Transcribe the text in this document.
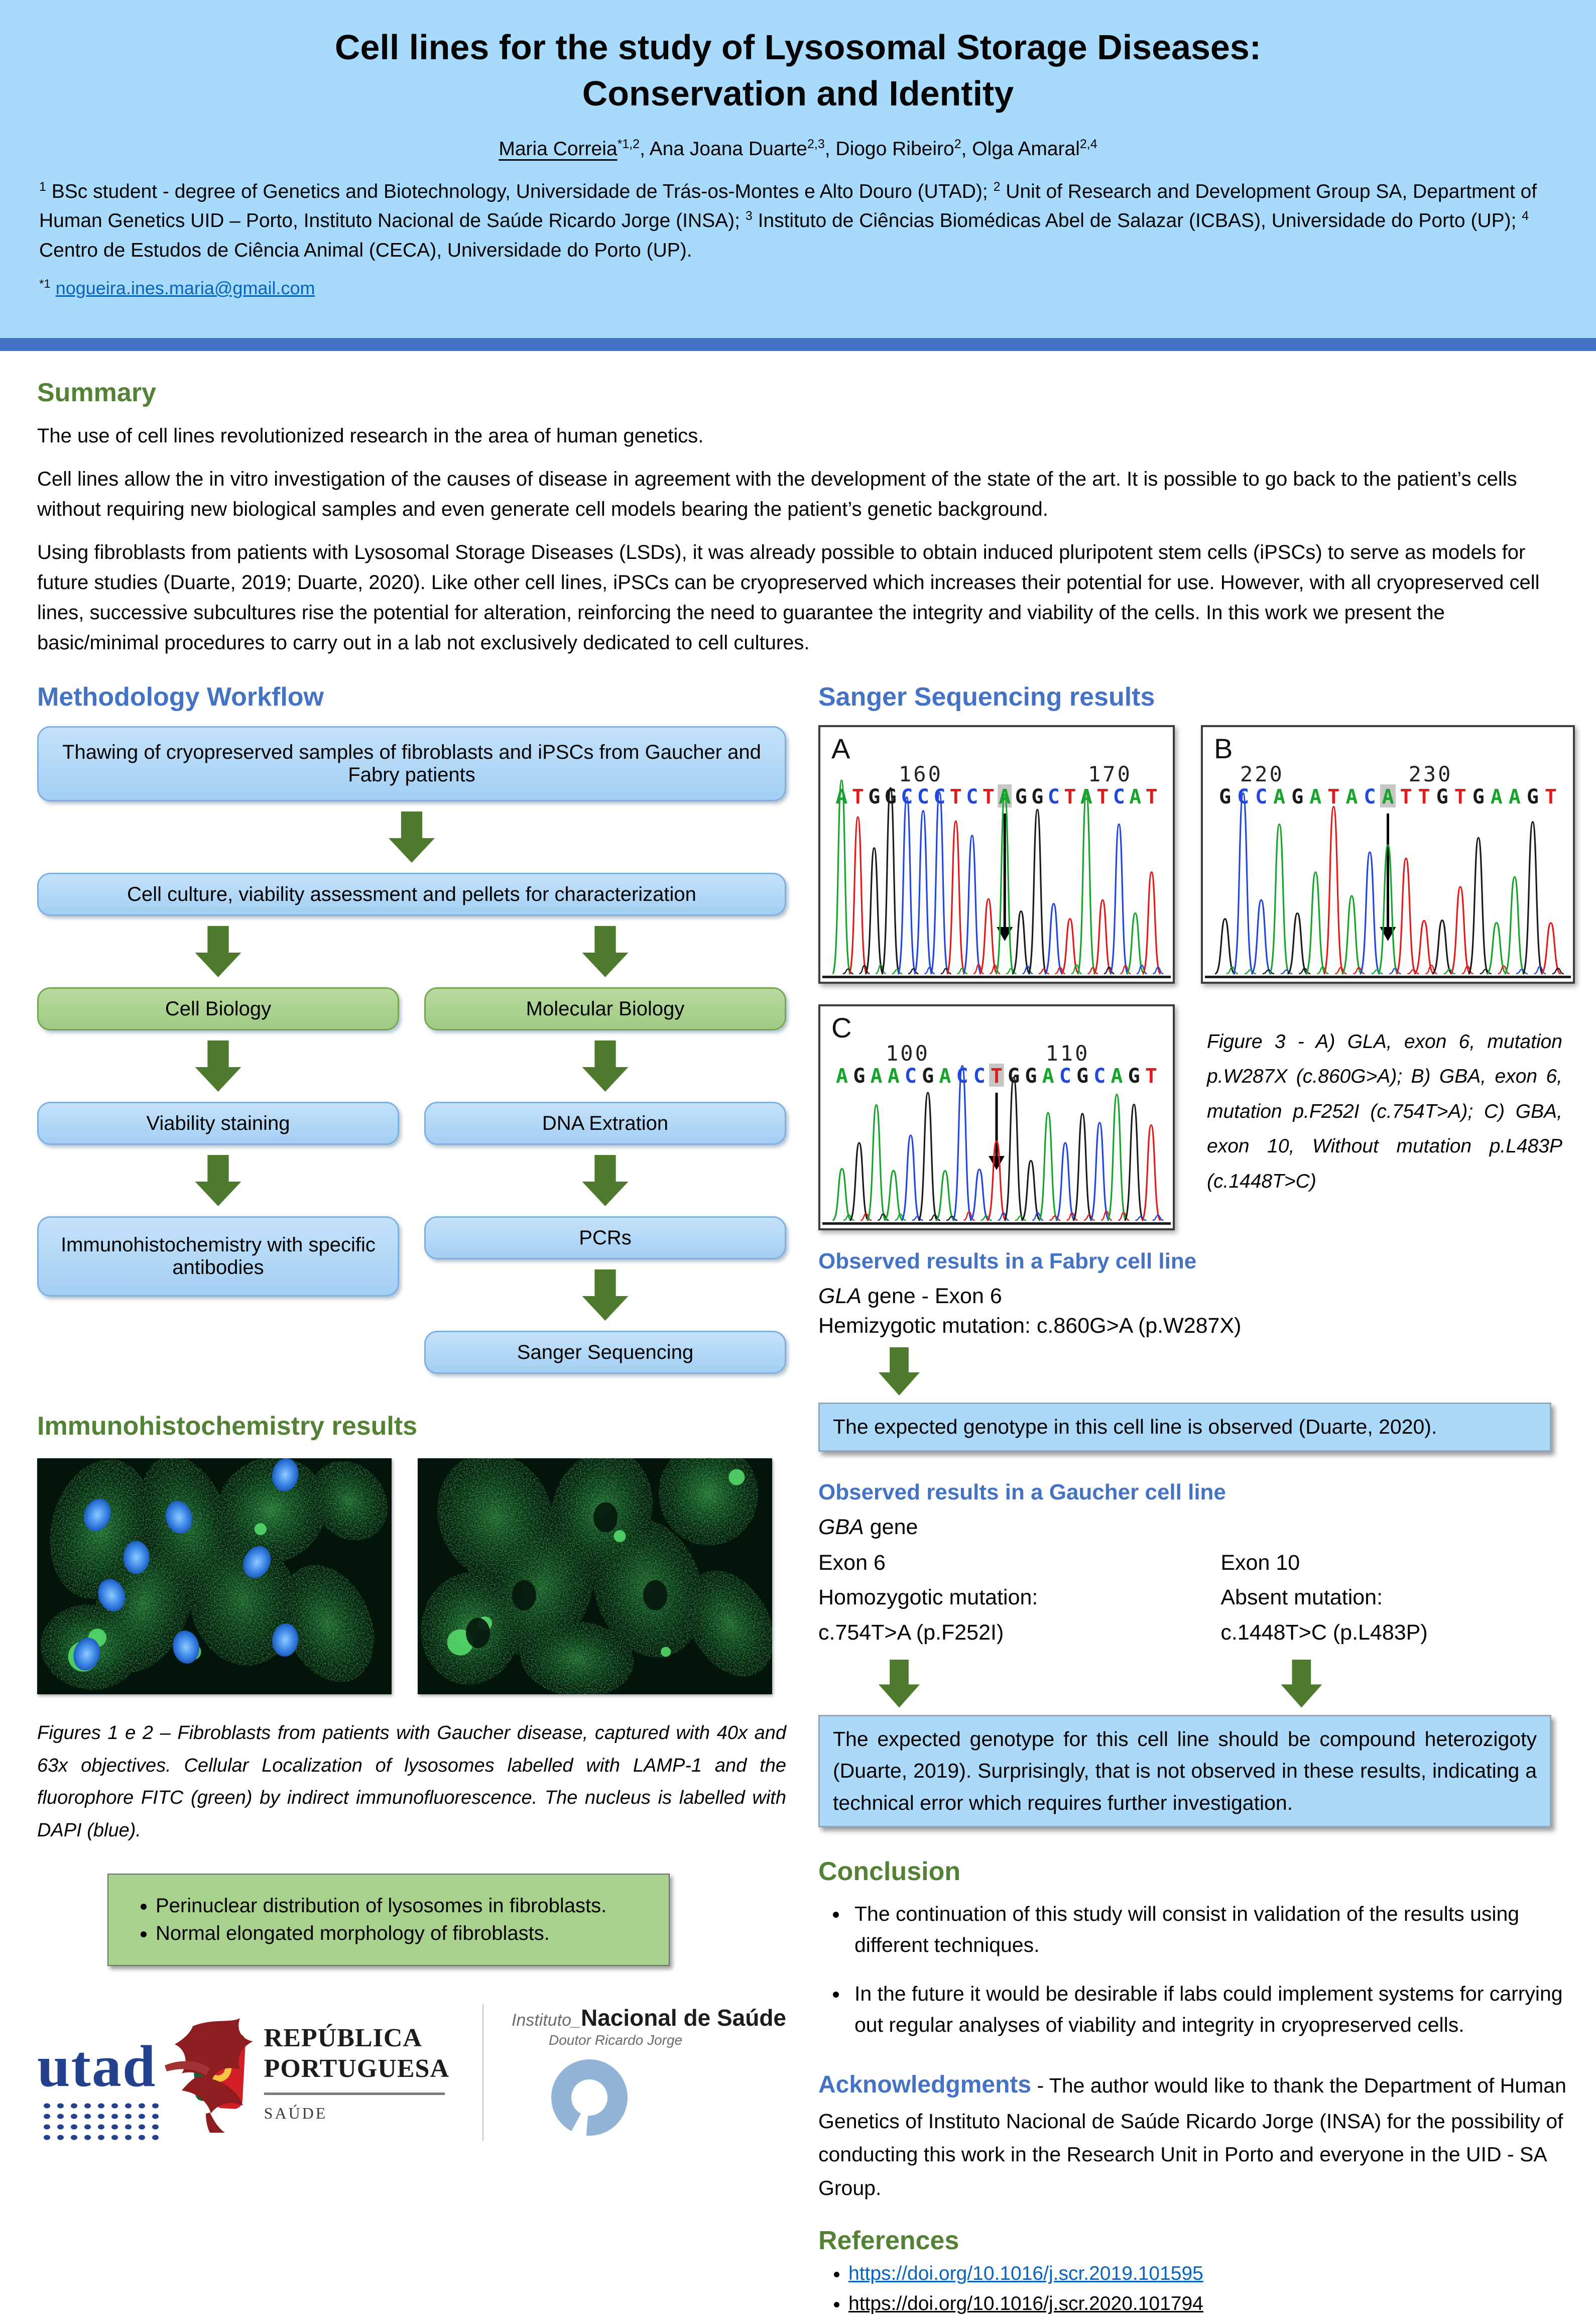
Cell lines for the study of Lysosomal Storage Diseases:
Conservation and Identity
Maria Correia$^{*1,2}$, Ana Joana Duarte$^{2,3}$, Diogo Ribeiro$^2$, Olga Amaral$^{2,4}$
$^1$ BSc student - degree of Genetics and Biotechnology, Universidade de Trás-os-Montes e Alto Douro (UTAD); $^2$ Unit of Research and Development Group SA, Department of Human Genetics UID – Porto, Instituto Nacional de Saúde Ricardo Jorge (INSA); $^3$ Instituto de Ciências Biomédicas Abel de Salazar (ICBAS), Universidade do Porto (UP); $^4$ Centro de Estudos de Ciência Animal (CECA), Universidade do Porto (UP).
$^{*1}$ nogueira.ines.maria@gmail.com
Summary

The use of cell lines revolutionized research in the area of human genetics.

Cell lines allow the in vitro investigation of the causes of disease in agreement with the development of the state of the art. It is possible to go back to the patient’s cells without requiring new biological samples and even generate cell models bearing the patient’s genetic background.

Using fibroblasts from patients with Lysosomal Storage Diseases (LSDs), it was already possible to obtain induced pluripotent stem cells (iPSCs) to serve as models for future studies (Duarte, 2019; Duarte, 2020). Like other cell lines, iPSCs can be cryopreserved which increases their potential for use. However, with all cryopreserved cell lines, successive subcultures rise the potential for alteration, reinforcing the need to guarantee the integrity and viability of the cells. In this work we present the basic/minimal procedures to carry out in a lab not exclusively dedicated to cell cultures.

Methodology Workflow
Thawing of cryopreserved samples of fibroblasts and iPSCs from Gaucher and Fabry patients
Cell culture, viability assessment and pellets for characterization
Cell Biology
Viability staining
Immunohistochemistry with specific antibodies
Molecular Biology
DNA Extration
PCRs
Sanger Sequencing
Immunohistochemistry results
Figures 1 e 2 – Fibroblasts from patients with Gaucher disease, captured with 40x and 63x objectives. Cellular Localization of lysosomes labelled with LAMP-1 and the fluorophore FITC (green) by indirect immunofluorescence. The nucleus is labelled with DAPI (blue).
• Perinuclear distribution of lysosomes in fibroblasts.
• Normal elongated morphology of fibroblasts.
utad	REPÚBLICA
PORTUGUESA
SAÚDE
Instituto_Nacional de Saúde
Doutor Ricardo Jorge
Sanger Sequencing results
A
160	170
A T G G C C C T C T A G G C T A T C A T
B
220	230
G C C A G A T A C A T T G T G A A G T
C
100	110
A G A A C G A C C T G G A C G C A G T
Figure 3 - A) GLA, exon 6, mutation p.W287X (c.860G>A); B) GBA, exon 6, mutation p.F252I (c.754T>A); C) GBA, exon 10, Without mutation p.L483P (c.1448T>C)
Observed results in a Fabry cell line
GLA gene - Exon 6
Hemizygotic mutation: c.860G>A (p.W287X)
The expected genotype in this cell line is observed (Duarte, 2020).
Observed results in a Gaucher cell line
GBA gene
Exon 6
Homozygotic mutation:
c.754T>A (p.F252I)
Exon 10
Absent mutation:
c.1448T>C (p.L483P)
The expected genotype for this cell line should be compound heterozigoty (Duarte, 2019). Surprisingly, that is not observed in these results, indicating a technical error which requires further investigation.
Conclusion
• The continuation of this study will consist in validation of the results using different techniques.
• In the future it would be desirable if labs could implement systems for carrying out regular analyses of viability and integrity in cryopreserved cells.
Acknowledgments - The author would like to thank the Department of Human Genetics of Instituto Nacional de Saúde Ricardo Jorge (INSA) for the possibility of conducting this work in the Research Unit in Porto and everyone in the UID - SA Group.
References
• https://doi.org/10.1016/j.scr.2019.101595
• https://doi.org/10.1016/j.scr.2020.101794
